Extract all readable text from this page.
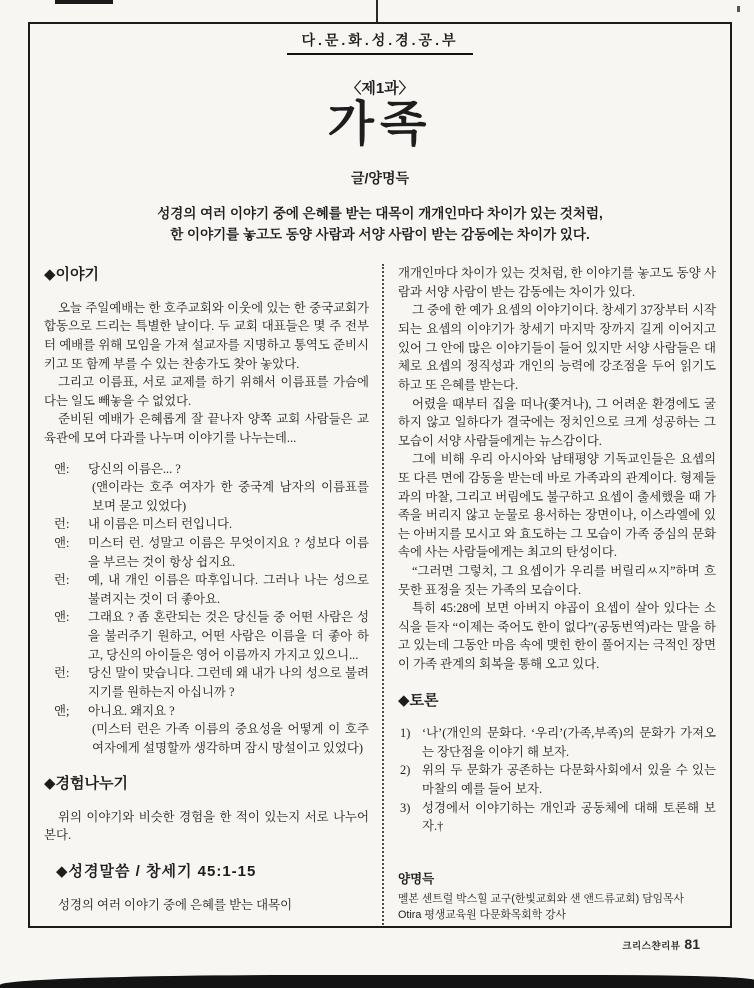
다.문.화.성.경.공.부
〈제1과〉
가족
글/양명득
성경의 여러 이야기 중에 은혜를 받는 대목이 개개인마다 차이가 있는 것처럼,
한 이야기를 놓고도 동양 사람과 서양 사람이 받는 감동에는 차이가 있다.
◆이야기

오늘 주일예배는 한 호주교회와 이웃에 있는 한 중국교회가 합동으로 드리는 특별한 날이다. 두 교회 대표들은 몇 주 전부터 예배를 위해 모임을 가져 설교자를 지명하고 통역도 준비시키고 또 함께 부를 수 있는 찬송가도 찾아 놓았다.

그리고 이름표, 서로 교제를 하기 위해서 이름표를 가슴에 다는 일도 빼놓을 수 없었다.

준비된 예배가 은혜롭게 잘 끝나자 양쪽 교회 사람들은 교육관에 모여 다과를 나누며 이야기를 나누는데...

앤:	당신의 이름은... ?
(앤이라는 호주 여자가 한 중국계 남자의 이름표를 보며 묻고 있었다)
런:	내 이름은 미스터 런입니다.
앤:	미스터 런. 성말고 이름은 무엇이지요 ? 성보다 이름을 부르는 것이 항상 쉽지요.
런:	예, 내 개인 이름은 따후입니다. 그러나 나는 성으로 불려지는 것이 더 좋아요.
앤:	그래요 ? 좀 혼란되는 것은 당신들 중 어떤 사람은 성을 불러주기 원하고, 어떤 사람은 이름을 더 좋아 하고, 당신의 아이들은 영어 이름까지 가지고 있으니...
런:	당신 말이 맞습니다. 그런데 왜 내가 나의 성으로 불려지기를 원하는지 아십니까 ?
앤;	아니요. 왜지요 ?
(미스터 런은 가족 이름의 중요성을 어떻게 이 호주 여자에게 설명할까 생각하며 잠시 망설이고 있었다)
◆경험나누기

위의 이야기와 비슷한 경험을 한 적이 있는지 서로 나누어 본다.

◆성경말씀 / 창세기 45:1-15

성경의 여러 이야기 중에 은혜를 받는 대목이

개개인마다 차이가 있는 것처럼, 한 이야기를 놓고도 동양 사람과 서양 사람이 받는 감동에는 차이가 있다.

그 중에 한 예가 요셉의 이야기이다. 창세기 37장부터 시작되는 요셉의 이야기가 창세기 마지막 장까지 길게 이어지고 있어 그 안에 많은 이야기들이 들어 있지만 서양 사람들은 대체로 요셉의 정직성과 개인의 능력에 강조점을 두어 읽기도 하고 또 은혜를 받는다.

어렸을 때부터 집을 떠나(쫓겨나), 그 어려운 환경에도 굴하지 않고 일하다가 결국에는 정치인으로 크게 성공하는 그 모습이 서양 사람들에게는 뉴스감이다.

그에 비해 우리 아시아와 남태평양 기독교인들은 요셉의 또 다른 면에 감동을 받는데 바로 가족과의 관계이다. 형제들과의 마찰, 그리고 버림에도 불구하고 요셉이 출세했을 때 가족을 버리지 않고 눈물로 용서하는 장면이나, 이스라엘에 있는 아버지를 모시고 와 효도하는 그 모습이 가족 중심의 문화 속에 사는 사람들에게는 최고의 탄성이다.

“그러면 그렇치, 그 요셉이가 우리를 버릴리ㅆ지”하며 흐뭇한 표정을 짓는 가족의 모습이다.

특히 45:28에 보면 아버지 야곱이 요셉이 살아 있다는 소식을 듣자 “이제는 죽어도 한이 없다”(공동번역)라는 말을 하고 있는데 그동안 마음 속에 맺힌 한이 풀어지는 극적인 장면이 가족 관계의 회복을 통해 오고 있다.

◆토론
1) ‘나’(개인의 문화다. ‘우리’(가족,부족)의 문화가 가져오는 장단점을 이야기 해 보자.
2) 위의 두 문화가 공존하는 다문화사회에서 있을 수 있는 마찰의 예를 들어 보자.
3) 성경에서 이야기하는 개인과 공동체에 대해 토론해 보자.†
양명득
멜본 센트럴 박스힐 교구(한빛교회와 샌 앤드류교회) 담임목사
Otira 평생교육원 다문화목회학 강사
크리스챤리뷰 81
